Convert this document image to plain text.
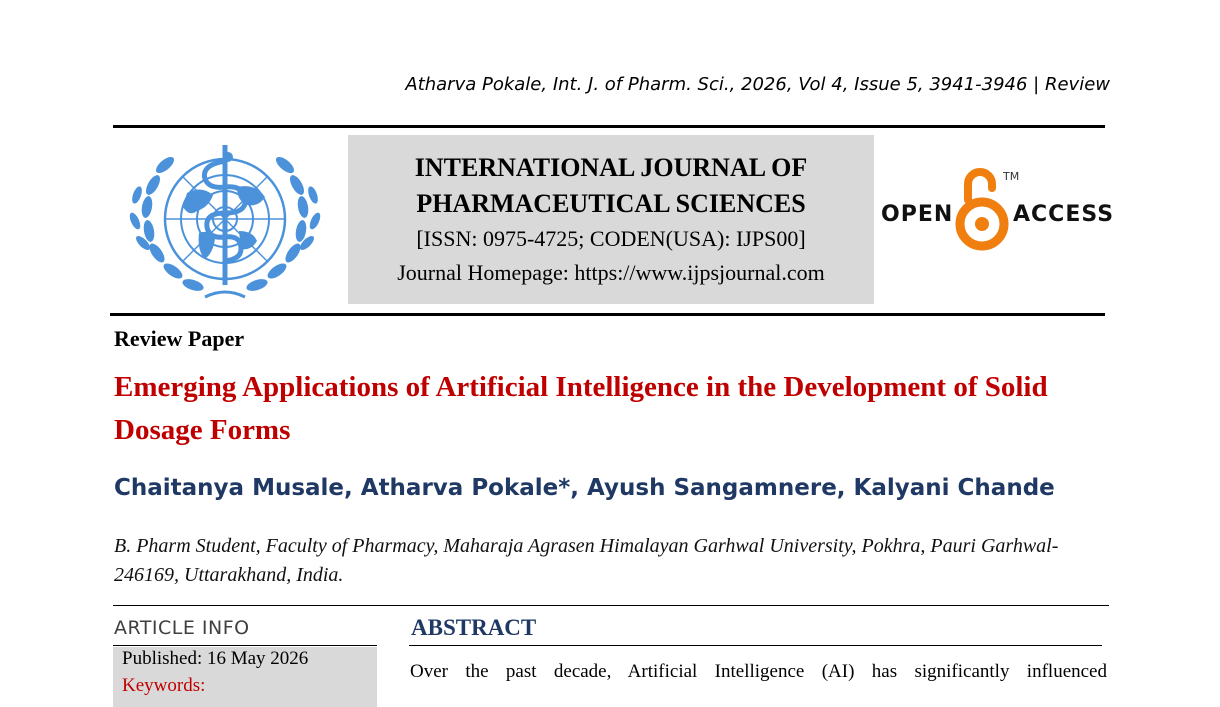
Atharva Pokale, Int. J. of Pharm. Sci., 2026, Vol 4, Issue 5, 3941-3946 | Review
INTERNATIONAL JOURNAL OF
PHARMACEUTICAL SCIENCES
[ISSN: 0975-4725; CODEN(USA): IJPS00]
Journal Homepage: https://www.ijpsjournal.com
OPEN
TM
ACCESS
Review Paper
Emerging Applications of Artificial Intelligence in the Development of Solid Dosage Forms
Chaitanya Musale, Atharva Pokale*, Ayush Sangamnere, Kalyani Chande
B. Pharm Student, Faculty of Pharmacy, Maharaja Agrasen Himalayan Garhwal University, Pokhra, Pauri Garhwal-246169, Uttarakhand, India.
ARTICLE INFO
Published: 16 May 2026
Keywords:
ABSTRACT
Over the past decade, Artificial Intelligence (AI) has significantly influenced
